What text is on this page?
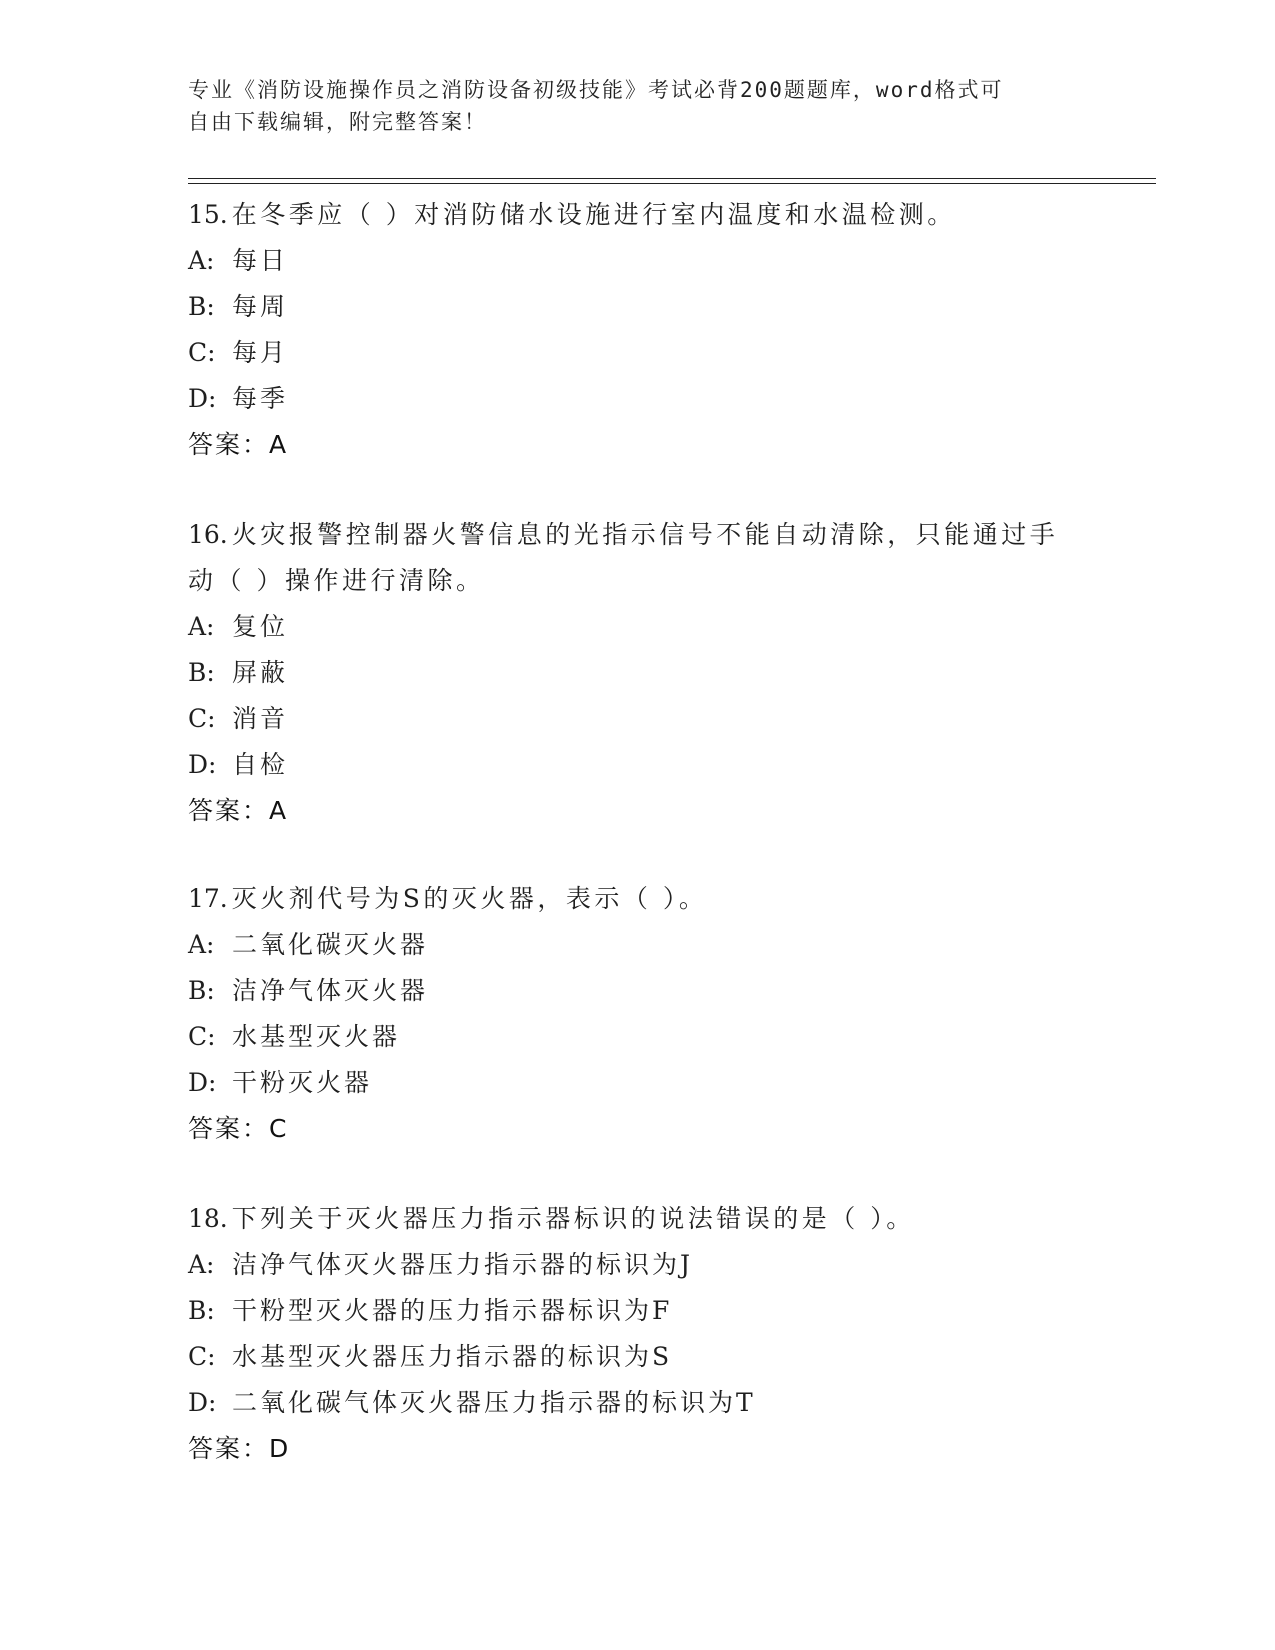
专业《消防设施操作员之消防设备初级技能》考试必背200题题库，word格式可
自由下载编辑，附完整答案！
15. 在冬季应（ ）对消防储水设施进行室内温度和水温检测。
A: 每日
B: 每周
C: 每月
D: 每季
答案：A
16. 火灾报警控制器火警信息的光指示信号不能自动清除，只能通过手
动（ ）操作进行清除。
A: 复位
B: 屏蔽
C: 消音
D: 自检
答案：A
17. 灭火剂代号为S的灭火器，表示（ ）。
A: 二氧化碳灭火器
B: 洁净气体灭火器
C: 水基型灭火器
D: 干粉灭火器
答案：C
18. 下列关于灭火器压力指示器标识的说法错误的是（ ）。
A: 洁净气体灭火器压力指示器的标识为J
B: 干粉型灭火器的压力指示器标识为F
C: 水基型灭火器压力指示器的标识为S
D: 二氧化碳气体灭火器压力指示器的标识为T
答案：D
